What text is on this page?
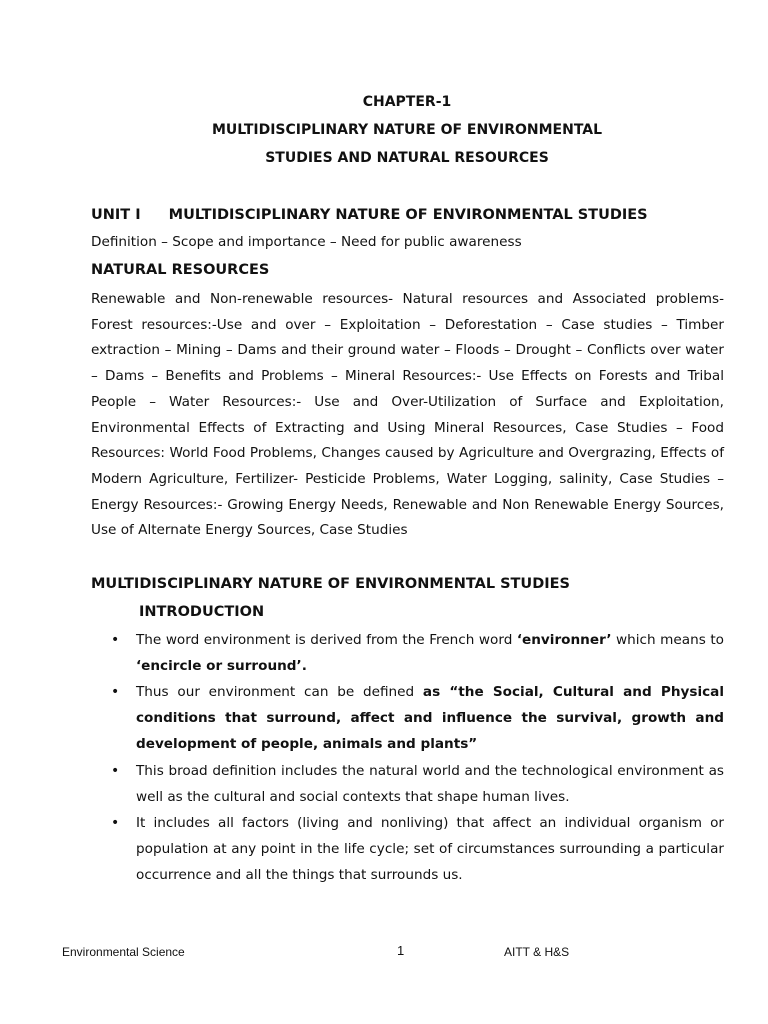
CHAPTER-1
MULTIDISCIPLINARY NATURE OF ENVIRONMENTAL
STUDIES AND NATURAL RESOURCES
UNIT I MULTIDISCIPLINARY NATURE OF ENVIRONMENTAL STUDIES
Definition – Scope and importance – Need for public awareness
NATURAL RESOURCES
Renewable and Non-renewable resources- Natural resources and Associated problems- Forest resources:-Use and over – Exploitation – Deforestation – Case studies – Timber extraction – Mining – Dams and their ground water – Floods – Drought – Conflicts over water – Dams – Benefits and Problems – Mineral Resources:- Use Effects on Forests and Tribal People – Water Resources:- Use and Over-Utilization of Surface and Exploitation, Environmental Effects of Extracting and Using Mineral Resources, Case Studies – Food Resources: World Food Problems, Changes caused by Agriculture and Overgrazing, Effects of Modern Agriculture, Fertilizer- Pesticide Problems, Water Logging, salinity, Case Studies – Energy Resources:- Growing Energy Needs, Renewable and Non Renewable Energy Sources, Use of Alternate Energy Sources, Case Studies
MULTIDISCIPLINARY NATURE OF ENVIRONMENTAL STUDIES
INTRODUCTION
• The word environment is derived from the French word ‘environner’ which means to ‘encircle or surround’.
• Thus our environment can be defined as “the Social, Cultural and Physical conditions that surround, affect and influence the survival, growth and development of people, animals and plants”
• This broad definition includes the natural world and the technological environment as well as the cultural and social contexts that shape human lives.
• It includes all factors (living and nonliving) that affect an individual organism or population at any point in the life cycle; set of circumstances surrounding a particular occurrence and all the things that surrounds us.
Environmental Science	1	AITT & H&S
